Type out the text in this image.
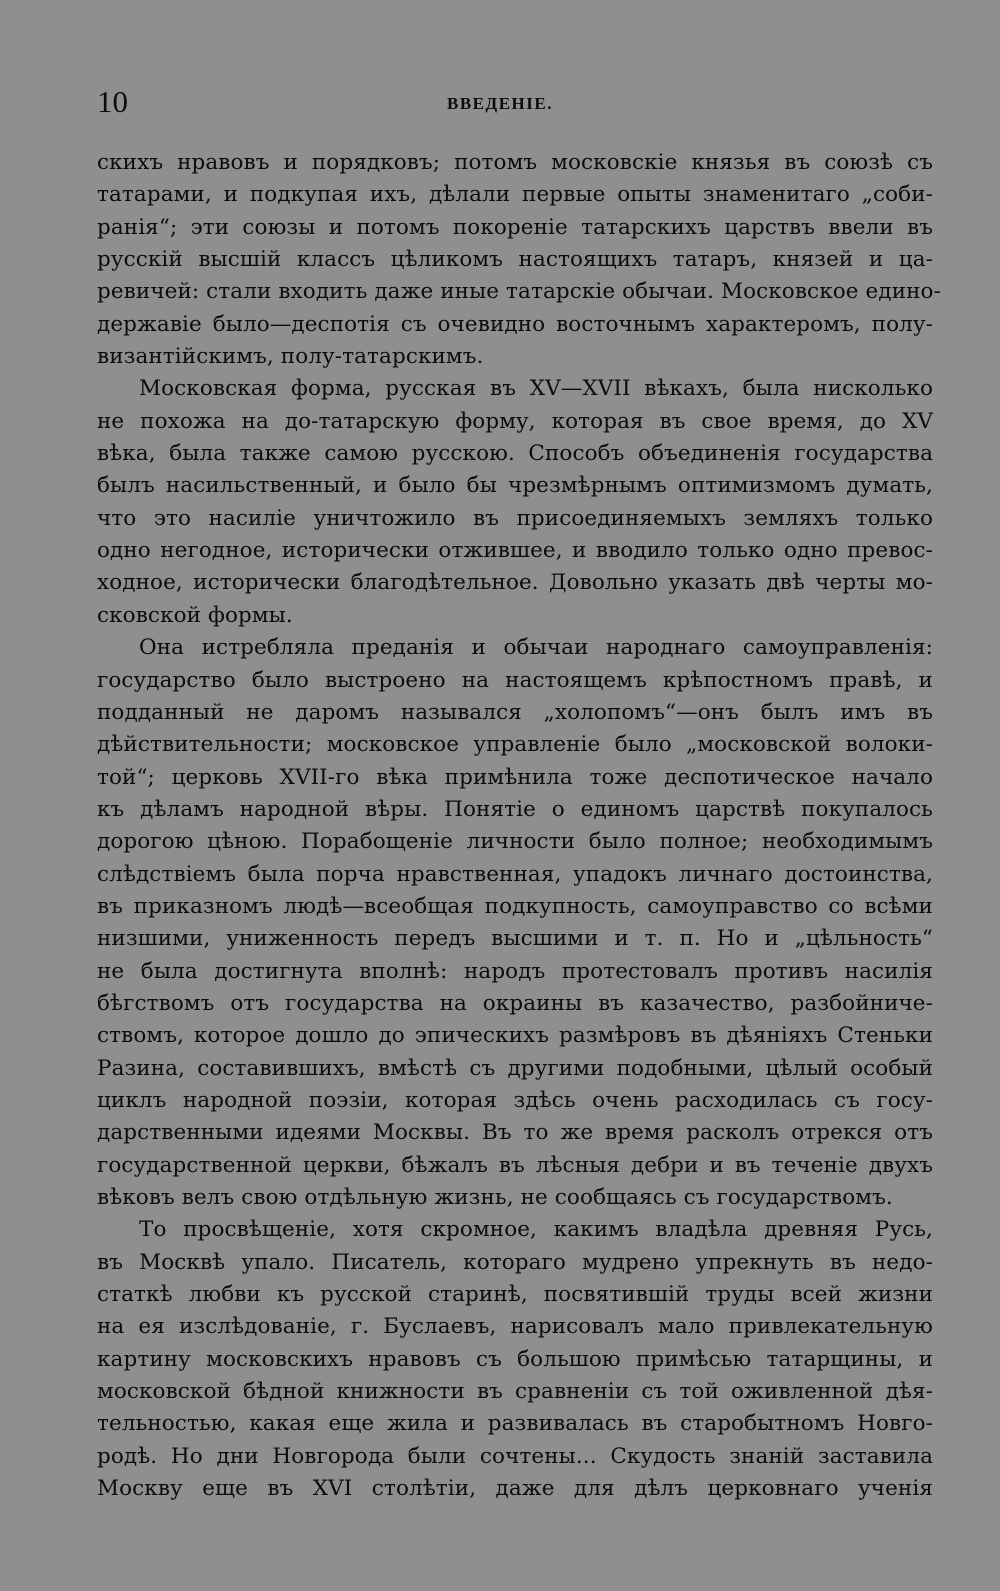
10	ВВЕДЕНІЕ.
скихъ нравовъ и порядковъ; потомъ московскіе князья въ союзѣ съ
татарами, и подкупая ихъ, дѣлали первые опыты знаменитаго „соби-
ранія“; эти союзы и потомъ покореніе татарскихъ царствъ ввели въ
русскій высшій классъ цѣликомъ настоящихъ татаръ, князей и ца-
ревичей: стали входить даже иные татарскіе обычаи. Московское едино-
державіе было—деспотія съ очевидно восточнымъ характеромъ, полу-
византійскимъ, полу-татарскимъ.
Московская форма, русская въ XV—XVII вѣкахъ, была нисколько
не похожа на до-татарскую форму, которая въ свое время, до XV
вѣка, была также самою русскою. Способъ объединенія государства
былъ насильственный, и было бы чрезмѣрнымъ оптимизмомъ думать,
что это насиліе уничтожило въ присоединяемыхъ земляхъ только
одно негодное, исторически отжившее, и вводило только одно превос-
ходное, исторически благодѣтельное. Довольно указать двѣ черты мо-
сковской формы.
Она истребляла преданія и обычаи народнаго самоуправленія:
государство было выстроено на настоящемъ крѣпостномъ правѣ, и
подданный не даромъ назывался „холопомъ“—онъ былъ имъ въ
дѣйствительности; московское управленіе было „московской волоки-
той“; церковь XVII-го вѣка примѣнила тоже деспотическое начало
къ дѣламъ народной вѣры. Понятіе о единомъ царствѣ покупалось
дорогою цѣною. Порабощеніе личности было полное; необходимымъ
слѣдствіемъ была порча нравственная, упадокъ личнаго достоинства,
въ приказномъ людѣ—всеобщая подкупность, самоуправство со всѣми
низшими, униженность передъ высшими и т. п. Но и „цѣльность“
не была достигнута вполнѣ: народъ протестовалъ противъ насилія
бѣгствомъ отъ государства на окраины въ казачество, разбойниче-
ствомъ, которое дошло до эпическихъ размѣровъ въ дѣяніяхъ Стеньки
Разина, составившихъ, вмѣстѣ съ другими подобными, цѣлый особый
циклъ народной поэзіи, которая здѣсь очень расходилась съ госу-
дарственными идеями Москвы. Въ то же время расколъ отрекся отъ
государственной церкви, бѣжалъ въ лѣсныя дебри и въ теченіе двухъ
вѣковъ велъ свою отдѣльную жизнь, не сообщаясь съ государствомъ.
То просвѣщеніе, хотя скромное, какимъ владѣла древняя Русь,
въ Москвѣ упало. Писатель, котораго мудрено упрекнуть въ недо-
статкѣ любви къ русской старинѣ, посвятившій труды всей жизни
на ея изслѣдованіе, г. Буслаевъ, нарисовалъ мало привлекательную
картину московскихъ нравовъ съ большою примѣсью татарщины, и
московской бѣдной книжности въ сравненіи съ той оживленной дѣя-
тельностью, какая еще жила и развивалась въ старобытномъ Новго-
родѣ. Но дни Новгорода были сочтены... Скудость знаній заставила
Москву еще въ XVI столѣтіи, даже для дѣлъ церковнаго ученія
